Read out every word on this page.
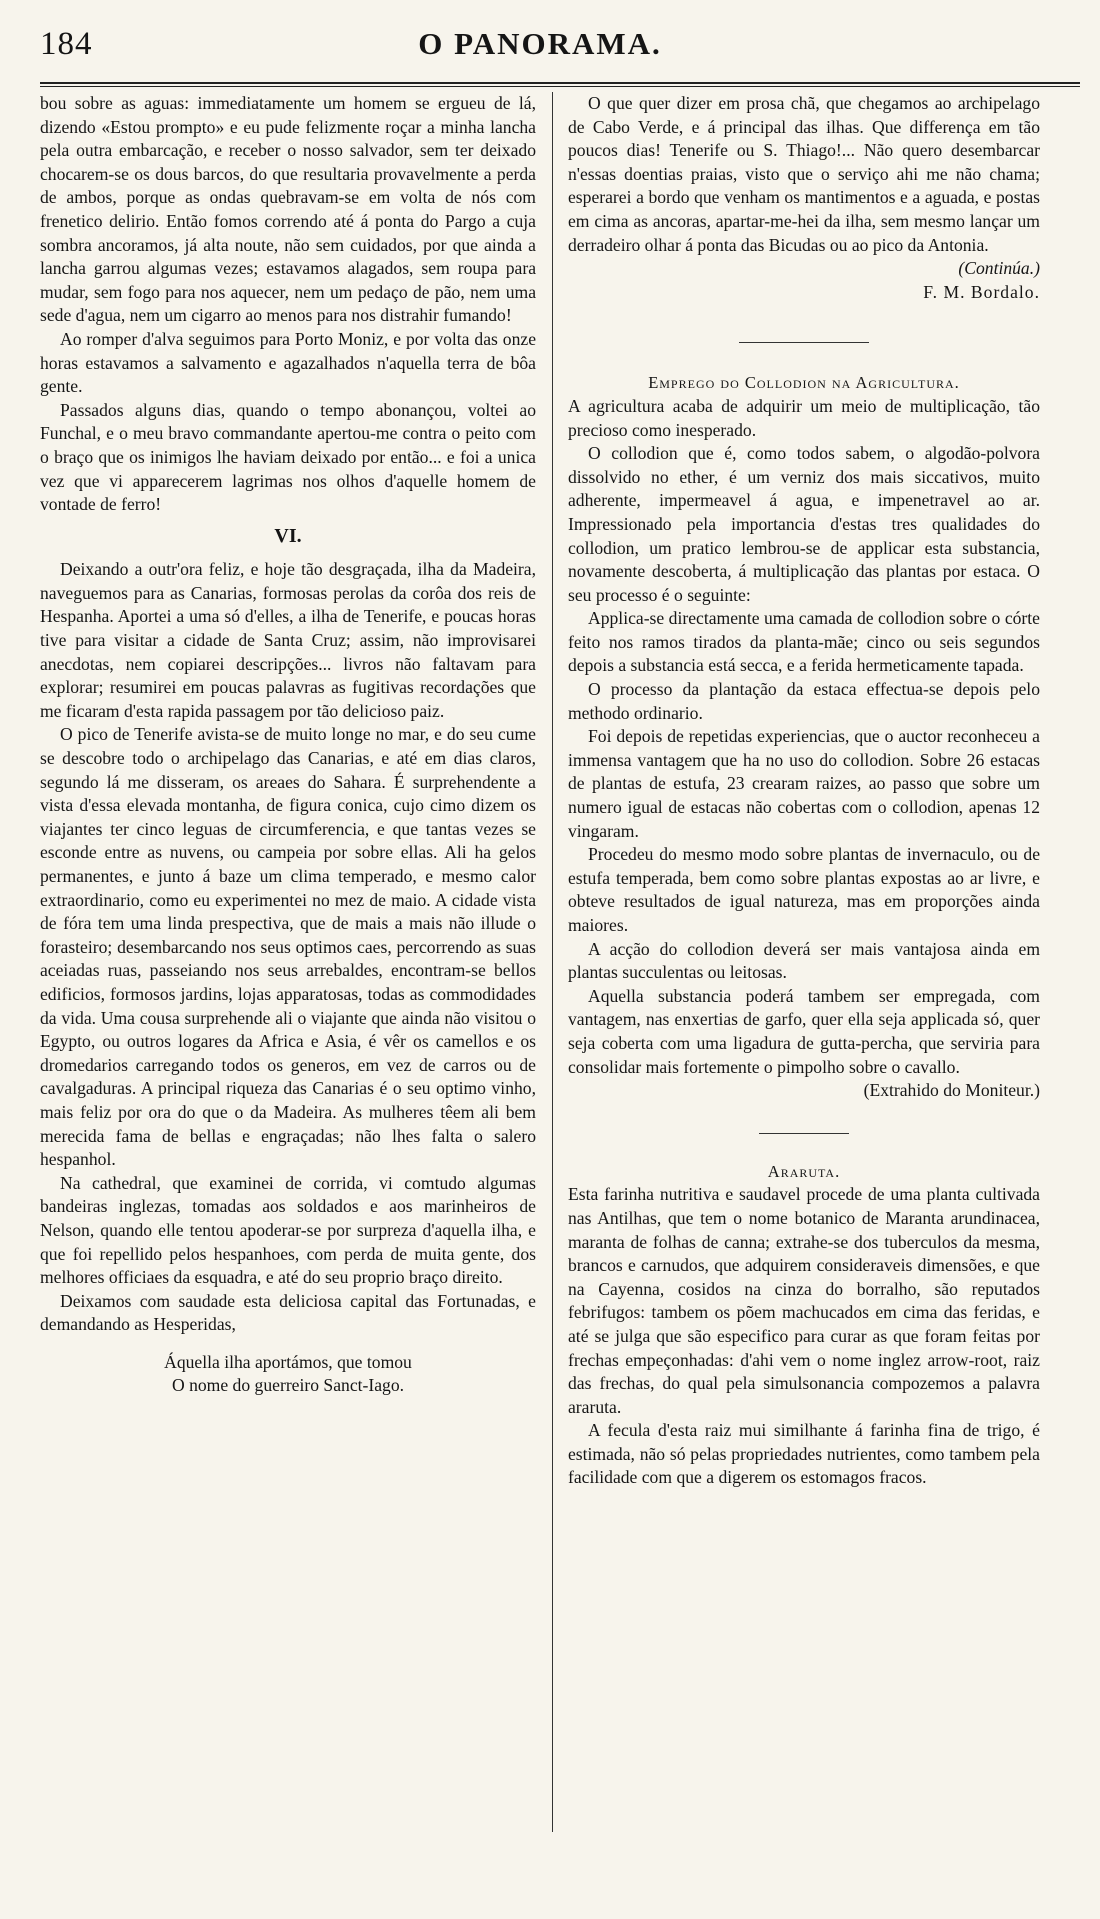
184	O PANORAMA.

bou sobre as aguas: immediatamente um homem se ergueu de lá, dizendo «Estou prompto» e eu pude felizmente roçar a minha lancha pela outra embarcação, e receber o nosso salvador, sem ter deixado chocarem-se os dous barcos, do que resultaria provavelmente a perda de ambos, porque as ondas quebravam-se em volta de nós com frenetico delirio. Então fomos correndo até á ponta do Pargo a cuja sombra ancoramos, já alta noute, não sem cuidados, por que ainda a lancha garrou algumas vezes; estavamos alagados, sem roupa para mudar, sem fogo para nos aquecer, nem um pedaço de pão, nem uma sede d'agua, nem um cigarro ao menos para nos distrahir fumando!

Ao romper d'alva seguimos para Porto Moniz, e por volta das onze horas estavamos a salvamento e agazalhados n'aquella terra de bôa gente.

Passados alguns dias, quando o tempo abonançou, voltei ao Funchal, e o meu bravo commandante apertou-me contra o peito com o braço que os inimigos lhe haviam deixado por então... e foi a unica vez que vi apparecerem lagrimas nos olhos d'aquelle homem de vontade de ferro!

VI.

Deixando a outr'ora feliz, e hoje tão desgraçada, ilha da Madeira, naveguemos para as Canarias, formosas perolas da corôa dos reis de Hespanha. Aportei a uma só d'elles, a ilha de Tenerife, e poucas horas tive para visitar a cidade de Santa Cruz; assim, não improvisarei anecdotas, nem copiarei descripções... livros não faltavam para explorar; resumirei em poucas palavras as fugitivas recordações que me ficaram d'esta rapida passagem por tão delicioso paiz.

O pico de Tenerife avista-se de muito longe no mar, e do seu cume se descobre todo o archipelago das Canarias, e até em dias claros, segundo lá me disseram, os areaes do Sahara. É surprehendente a vista d'essa elevada montanha, de figura conica, cujo cimo dizem os viajantes ter cinco leguas de circumferencia, e que tantas vezes se esconde entre as nuvens, ou campeia por sobre ellas. Ali ha gelos permanentes, e junto á baze um clima temperado, e mesmo calor extraordinario, como eu experimentei no mez de maio. A cidade vista de fóra tem uma linda prespectiva, que de mais a mais não illude o forasteiro; desembarcando nos seus optimos caes, percorrendo as suas aceiadas ruas, passeiando nos seus arrebaldes, encontram-se bellos edificios, formosos jardins, lojas apparatosas, todas as commodidades da vida. Uma cousa surprehende ali o viajante que ainda não visitou o Egypto, ou outros logares da Africa e Asia, é vêr os camellos e os dromedarios carregando todos os generos, em vez de carros ou de cavalgaduras. A principal riqueza das Canarias é o seu optimo vinho, mais feliz por ora do que o da Madeira. As mulheres têem ali bem merecida fama de bellas e engraçadas; não lhes falta o salero hespanhol.

Na cathedral, que examinei de corrida, vi comtudo algumas bandeiras inglezas, tomadas aos soldados e aos marinheiros de Nelson, quando elle tentou apoderar-se por surpreza d'aquella ilha, e que foi repellido pelos hespanhoes, com perda de muita gente, dos melhores officiaes da esquadra, e até do seu proprio braço direito.

Deixamos com saudade esta deliciosa capital das Fortunadas, e demandando as Hesperidas,

Áquella ilha aportámos, que tomou
O nome do guerreiro Sanct-Iago.

O que quer dizer em prosa chã, que chegamos ao archipelago de Cabo Verde, e á principal das ilhas. Que differença em tão poucos dias! Tenerife ou S. Thiago!... Não quero desembarcar n'essas doentias praias, visto que o serviço ahi me não chama; esperarei a bordo que venham os mantimentos e a aguada, e postas em cima as ancoras, apartar-me-hei da ilha, sem mesmo lançar um derradeiro olhar á ponta das Bicudas ou ao pico da Antonia.

(Continúa.)

F. M. Bordalo.

Emprego do Collodion na Agricultura.

A agricultura acaba de adquirir um meio de multiplicação, tão precioso como inesperado.

O collodion que é, como todos sabem, o algodão-polvora dissolvido no ether, é um verniz dos mais siccativos, muito adherente, impermeavel á agua, e impenetravel ao ar. Impressionado pela importancia d'estas tres qualidades do collodion, um pratico lembrou-se de applicar esta substancia, novamente descoberta, á multiplicação das plantas por estaca. O seu processo é o seguinte:

Applica-se directamente uma camada de collodion sobre o córte feito nos ramos tirados da planta-mãe; cinco ou seis segundos depois a substancia está secca, e a ferida hermeticamente tapada.

O processo da plantação da estaca effectua-se depois pelo methodo ordinario.

Foi depois de repetidas experiencias, que o auctor reconheceu a immensa vantagem que ha no uso do collodion. Sobre 26 estacas de plantas de estufa, 23 crearam raizes, ao passo que sobre um numero igual de estacas não cobertas com o collodion, apenas 12 vingaram.

Procedeu do mesmo modo sobre plantas de invernaculo, ou de estufa temperada, bem como sobre plantas expostas ao ar livre, e obteve resultados de igual natureza, mas em proporções ainda maiores.

A acção do collodion deverá ser mais vantajosa ainda em plantas succulentas ou leitosas.

Aquella substancia poderá tambem ser empregada, com vantagem, nas enxertias de garfo, quer ella seja applicada só, quer seja coberta com uma ligadura de gutta-percha, que serviria para consolidar mais fortemente o pimpolho sobre o cavallo.

(Extrahido do Moniteur.)

Araruta.

Esta farinha nutritiva e saudavel procede de uma planta cultivada nas Antilhas, que tem o nome botanico de Maranta arundinacea, maranta de folhas de canna; extrahe-se dos tuberculos da mesma, brancos e carnudos, que adquirem consideraveis dimensões, e que na Cayenna, cosidos na cinza do borralho, são reputados febrifugos: tambem os põem machucados em cima das feridas, e até se julga que são especifico para curar as que foram feitas por frechas empeçonhadas: d'ahi vem o nome inglez arrow-root, raiz das frechas, do qual pela simulsonancia compozemos a palavra araruta.

A fecula d'esta raiz mui similhante á farinha fina de trigo, é estimada, não só pelas propriedades nutrientes, como tambem pela facilidade com que a digerem os estomagos fracos.
